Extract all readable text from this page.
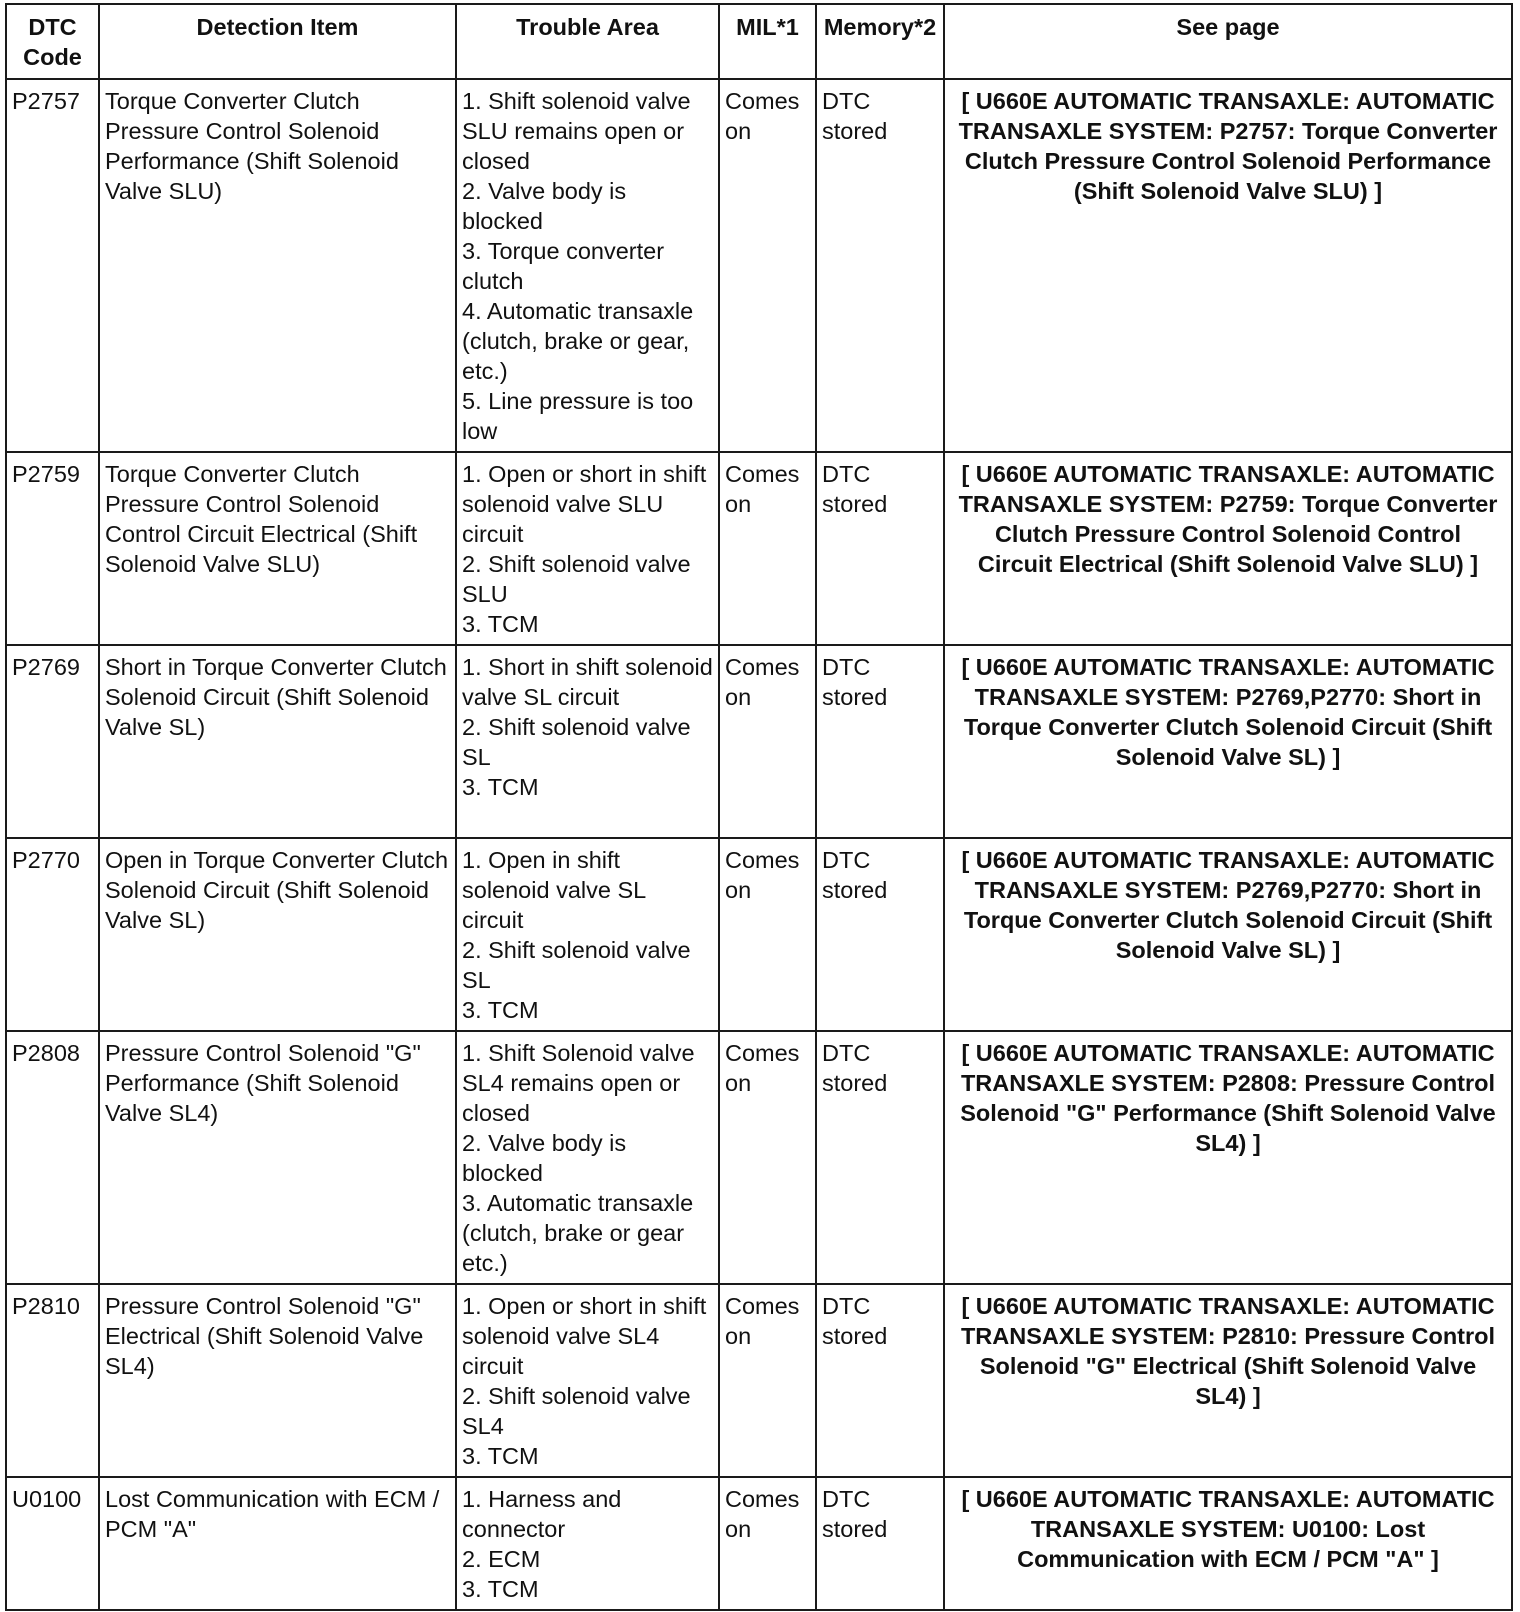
DTC Code	Detection Item	Trouble Area	MIL*1	Memory*2	See page
P2757	Torque Converter Clutch Pressure Control Solenoid Performance (Shift Solenoid Valve SLU)	1. Shift solenoid valve SLU remains open or closed
2. Valve body is blocked
3. Torque converter clutch
4. Automatic transaxle (clutch, brake or gear, etc.)
5. Line pressure is too low	Comes on	DTC stored	[ U660E AUTOMATIC TRANSAXLE: AUTOMATIC TRANSAXLE SYSTEM: P2757: Torque Converter Clutch Pressure Control Solenoid Performance (Shift Solenoid Valve SLU) ]
P2759	Torque Converter Clutch Pressure Control Solenoid Control Circuit Electrical (Shift Solenoid Valve SLU)	1. Open or short in shift solenoid valve SLU circuit
2. Shift solenoid valve SLU
3. TCM	Comes on	DTC stored	[ U660E AUTOMATIC TRANSAXLE: AUTOMATIC TRANSAXLE SYSTEM: P2759: Torque Converter Clutch Pressure Control Solenoid Control Circuit Electrical (Shift Solenoid Valve SLU) ]
P2769	Short in Torque Converter Clutch Solenoid Circuit (Shift Solenoid Valve SL)	1. Short in shift solenoid valve SL circuit
2. Shift solenoid valve SL
3. TCM	Comes on	DTC stored	[ U660E AUTOMATIC TRANSAXLE: AUTOMATIC TRANSAXLE SYSTEM: P2769,P2770: Short in Torque Converter Clutch Solenoid Circuit (Shift Solenoid Valve SL) ]
P2770	Open in Torque Converter Clutch Solenoid Circuit (Shift Solenoid Valve SL)	1. Open in shift solenoid valve SL circuit
2. Shift solenoid valve SL
3. TCM	Comes on	DTC stored	[ U660E AUTOMATIC TRANSAXLE: AUTOMATIC TRANSAXLE SYSTEM: P2769,P2770: Short in Torque Converter Clutch Solenoid Circuit (Shift Solenoid Valve SL) ]
P2808	Pressure Control Solenoid "G" Performance (Shift Solenoid Valve SL4)	1. Shift Solenoid valve SL4 remains open or closed
2. Valve body is blocked
3. Automatic transaxle (clutch, brake or gear etc.)	Comes on	DTC stored	[ U660E AUTOMATIC TRANSAXLE: AUTOMATIC TRANSAXLE SYSTEM: P2808: Pressure Control Solenoid "G" Performance (Shift Solenoid Valve SL4) ]
P2810	Pressure Control Solenoid "G" Electrical (Shift Solenoid Valve SL4)	1. Open or short in shift solenoid valve SL4 circuit
2. Shift solenoid valve SL4
3. TCM	Comes on	DTC stored	[ U660E AUTOMATIC TRANSAXLE: AUTOMATIC TRANSAXLE SYSTEM: P2810: Pressure Control Solenoid "G" Electrical (Shift Solenoid Valve SL4) ]
U0100	Lost Communication with ECM / PCM "A"	1. Harness and connector
2. ECM
3. TCM	Comes on	DTC stored	[ U660E AUTOMATIC TRANSAXLE: AUTOMATIC TRANSAXLE SYSTEM: U0100: Lost Communication with ECM / PCM "A" ]
